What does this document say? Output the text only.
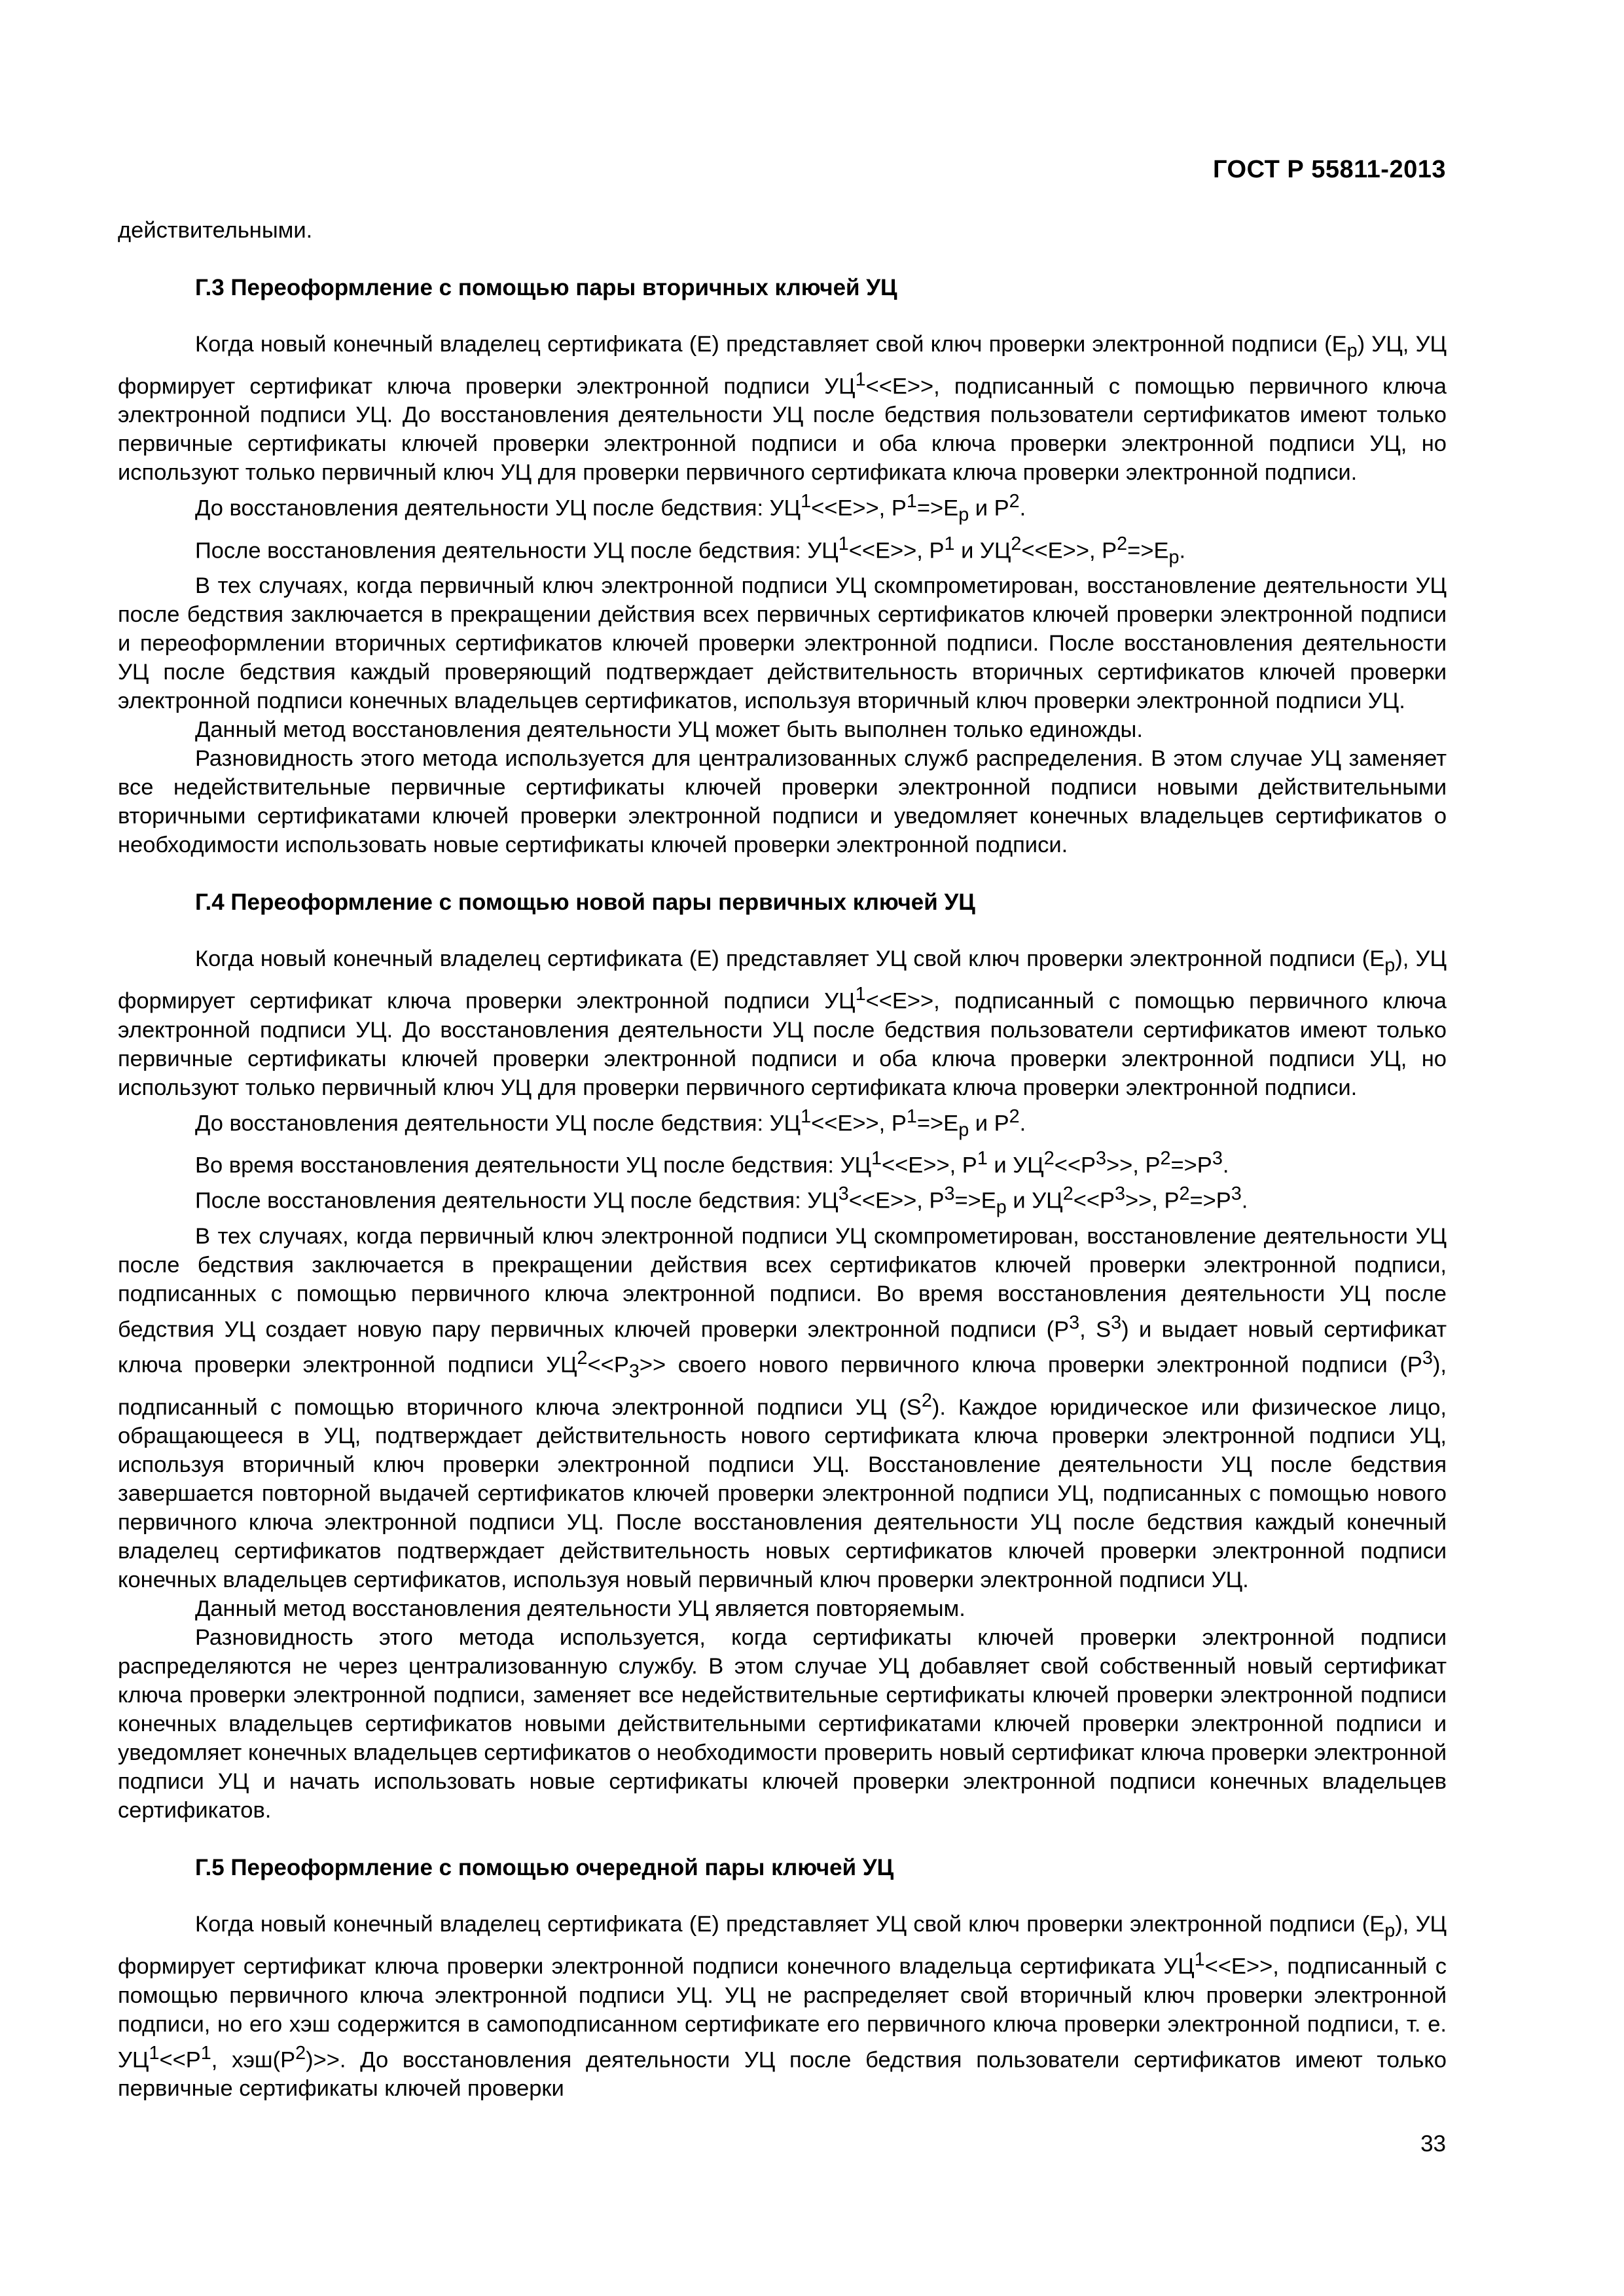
ГОСТ Р 55811-2013

действительными.

Г.3 Переоформление с помощью пары вторичных ключей УЦ

Когда новый конечный владелец сертификата (Е) представляет свой ключ проверки электронной подписи $(Е_р)$ УЦ, УЦ формирует сертификат ключа проверки электронной подписи $УЦ^1<<Е>>$, подписанный с помощью первичного ключа электронной подписи УЦ. До восстановления деятельности УЦ после бедствия пользователи сертификатов имеют только первичные сертификаты ключей проверки электронной подписи и оба ключа проверки электронной подписи УЦ, но используют только первичный ключ УЦ для проверки первичного сертификата ключа проверки электронной подписи.

До восстановления деятельности УЦ после бедствия: $УЦ^1<<Е>>$, $Р^1=>Е_р$ и $Р^2$.

После восстановления деятельности УЦ после бедствия: $УЦ^1<<Е>>$, $Р^1$ и $УЦ^2<<Е>>$, $Р^2=>Е_р$.

В тех случаях, когда первичный ключ электронной подписи УЦ скомпрометирован, восстановление деятельности УЦ после бедствия заключается в прекращении действия всех первичных сертификатов ключей проверки электронной подписи и переоформлении вторичных сертификатов ключей проверки электронной подписи. После восстановления деятельности УЦ после бедствия каждый проверяющий подтверждает действительность вторичных сертификатов ключей проверки электронной подписи конечных владельцев сертификатов, используя вторичный ключ проверки электронной подписи УЦ.

Данный метод восстановления деятельности УЦ может быть выполнен только единожды.

Разновидность этого метода используется для централизованных служб распределения. В этом случае УЦ заменяет все недействительные первичные сертификаты ключей проверки электронной подписи новыми действительными вторичными сертификатами ключей проверки электронной подписи и уведомляет конечных владельцев сертификатов о необходимости использовать новые сертификаты ключей проверки электронной подписи.

Г.4 Переоформление с помощью новой пары первичных ключей УЦ

Когда новый конечный владелец сертификата (Е) представляет УЦ свой ключ проверки электронной подписи $(Е_р)$, УЦ формирует сертификат ключа проверки электронной подписи $УЦ^1<<Е>>$, подписанный с помощью первичного ключа электронной подписи УЦ. До восстановления деятельности УЦ после бедствия пользователи сертификатов имеют только первичные сертификаты ключей проверки электронной подписи и оба ключа проверки электронной подписи УЦ, но используют только первичный ключ УЦ для проверки первичного сертификата ключа проверки электронной подписи.

До восстановления деятельности УЦ после бедствия: $УЦ^1<<Е>>$, $Р^1=>Е_р$ и $Р^2$.

Во время восстановления деятельности УЦ после бедствия: $УЦ^1<<Е>>$, $Р^1$ и $УЦ^2<<Р^3>>$, $Р^2=>Р^3$.

После восстановления деятельности УЦ после бедствия: $УЦ^3<<Е>>$, $Р^3=>Е_р$ и $УЦ^2<<Р^3>>$, $Р^2=>Р^3$.

В тех случаях, когда первичный ключ электронной подписи УЦ скомпрометирован, восстановление деятельности УЦ после бедствия заключается в прекращении действия всех сертификатов ключей проверки электронной подписи, подписанных с помощью первичного ключа электронной подписи. Во время восстановления деятельности УЦ после бедствия УЦ создает новую пару первичных ключей проверки электронной подписи ($Р^3$, $S^3$) и выдает новый сертификат ключа проверки электронной подписи $УЦ^2<<Р_3>>$ своего нового первичного ключа проверки электронной подписи $(Р^3)$, подписанный с помощью вторичного ключа электронной подписи УЦ $(S^2)$. Каждое юридическое или физическое лицо, обращающееся в УЦ, подтверждает действительность нового сертификата ключа проверки электронной подписи УЦ, используя вторичный ключ проверки электронной подписи УЦ. Восстановление деятельности УЦ после бедствия завершается повторной выдачей сертификатов ключей проверки электронной подписи УЦ, подписанных с помощью нового первичного ключа электронной подписи УЦ. После восстановления деятельности УЦ после бедствия каждый конечный владелец сертификатов подтверждает действительность новых сертификатов ключей проверки электронной подписи конечных владельцев сертификатов, используя новый первичный ключ проверки электронной подписи УЦ.

Данный метод восстановления деятельности УЦ является повторяемым.

Разновидность этого метода используется, когда сертификаты ключей проверки электронной подписи распределяются не через централизованную службу. В этом случае УЦ добавляет свой собственный новый сертификат ключа проверки электронной подписи, заменяет все недействительные сертификаты ключей проверки электронной подписи конечных владельцев сертификатов новыми действительными сертификатами ключей проверки электронной подписи и уведомляет конечных владельцев сертификатов о необходимости проверить новый сертификат ключа проверки электронной подписи УЦ и начать использовать новые сертификаты ключей проверки электронной подписи конечных владельцев сертификатов.

Г.5 Переоформление с помощью очередной пары ключей УЦ

Когда новый конечный владелец сертификата (Е) представляет УЦ свой ключ проверки электронной подписи $(Е_р)$, УЦ формирует сертификат ключа проверки электронной подписи конечного владельца сертификата $УЦ^1<<Е>>$, подписанный с помощью первичного ключа электронной подписи УЦ. УЦ не распределяет свой вторичный ключ проверки электронной подписи, но его хэш содержится в самоподписанном сертификате его первичного ключа проверки электронной подписи, т. е. $УЦ^1<<Р^1$, $хэш(Р^2)>>$. До восстановления деятельности УЦ после бедствия пользователи сертификатов имеют только первичные сертификаты ключей проверки

33
